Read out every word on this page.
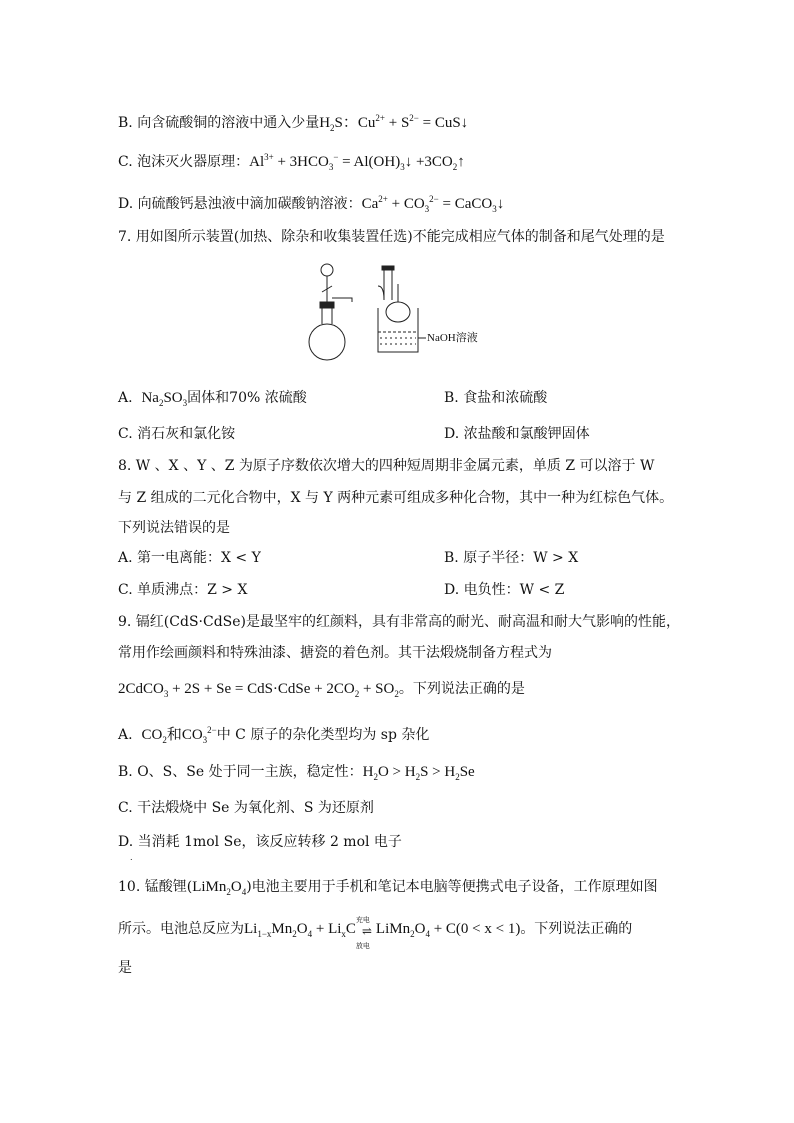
B. 向含硫酸铜的溶液中通入少量$H_2S$：$Cu^{2+} + S^{2-}$ = CuS↓
C. 泡沫灭火器原理：$Al^{3+} + 3HCO_3^-$ = $Al(OH)_3↓$ $+3CO_2↑$
D. 向硫酸钙悬浊液中滴加碳酸钠溶液：$Ca^{2+} + CO_3^{2-}$ = CaCO$_3$↓
7. 用如图所示装置(加热、除杂和收集装置任选)不能完成相应气体的制备和尾气处理的是
NaOH溶液
A. $Na_2SO_3$固体和70% 浓硫酸	B. 食盐和浓硫酸
C. 消石灰和氯化铵	D. 浓盐酸和氯酸钾固体
8. W 、X 、Y 、Z 为原子序数依次增大的四种短周期非金属元素，单质 Z 可以溶于 W
与 Z 组成的二元化合物中，X 与 Y 两种元素可组成多种化合物，其中一种为红棕色气体。
下列说法错误的是
A. 第一电离能：X < Y	B. 原子半径：W > X
C. 单质沸点：Z > X	D. 电负性：W < Z
9. 镉红(CdS·CdSe)是最坚牢的红颜料，具有非常高的耐光、耐高温和耐大气影响的性能，
常用作绘画颜料和特殊油漆、搪瓷的着色剂。其干法煅烧制备方程式为
2CdCO$_3$ + 2S + Se = CdS·CdSe + $2CO_2 + SO_2$。下列说法正确的是
A. $CO_2$和$CO_3^{2-}$中 C 原子的杂化类型均为 sp 杂化
B. O、S、Se 处于同一主族，稳定性：$H_2O > H_2S > H_2Se$
C. 干法煅烧中 Se 为氧化剂、S 为还原剂
D. 当消耗 1mol Se，该反应转移 2 mol 电子
.
10. 锰酸锂$(LiMn_2O_4)$电池主要用于手机和笔记本电脑等便携式电子设备，工作原理如图
所示。电池总反应为$Li_{1-x}Mn_2O_4 + Li_xC$
充电
⇌
放电
$LiMn_2O_4 + C(0 < x < 1)$。下列说法正确的
是
